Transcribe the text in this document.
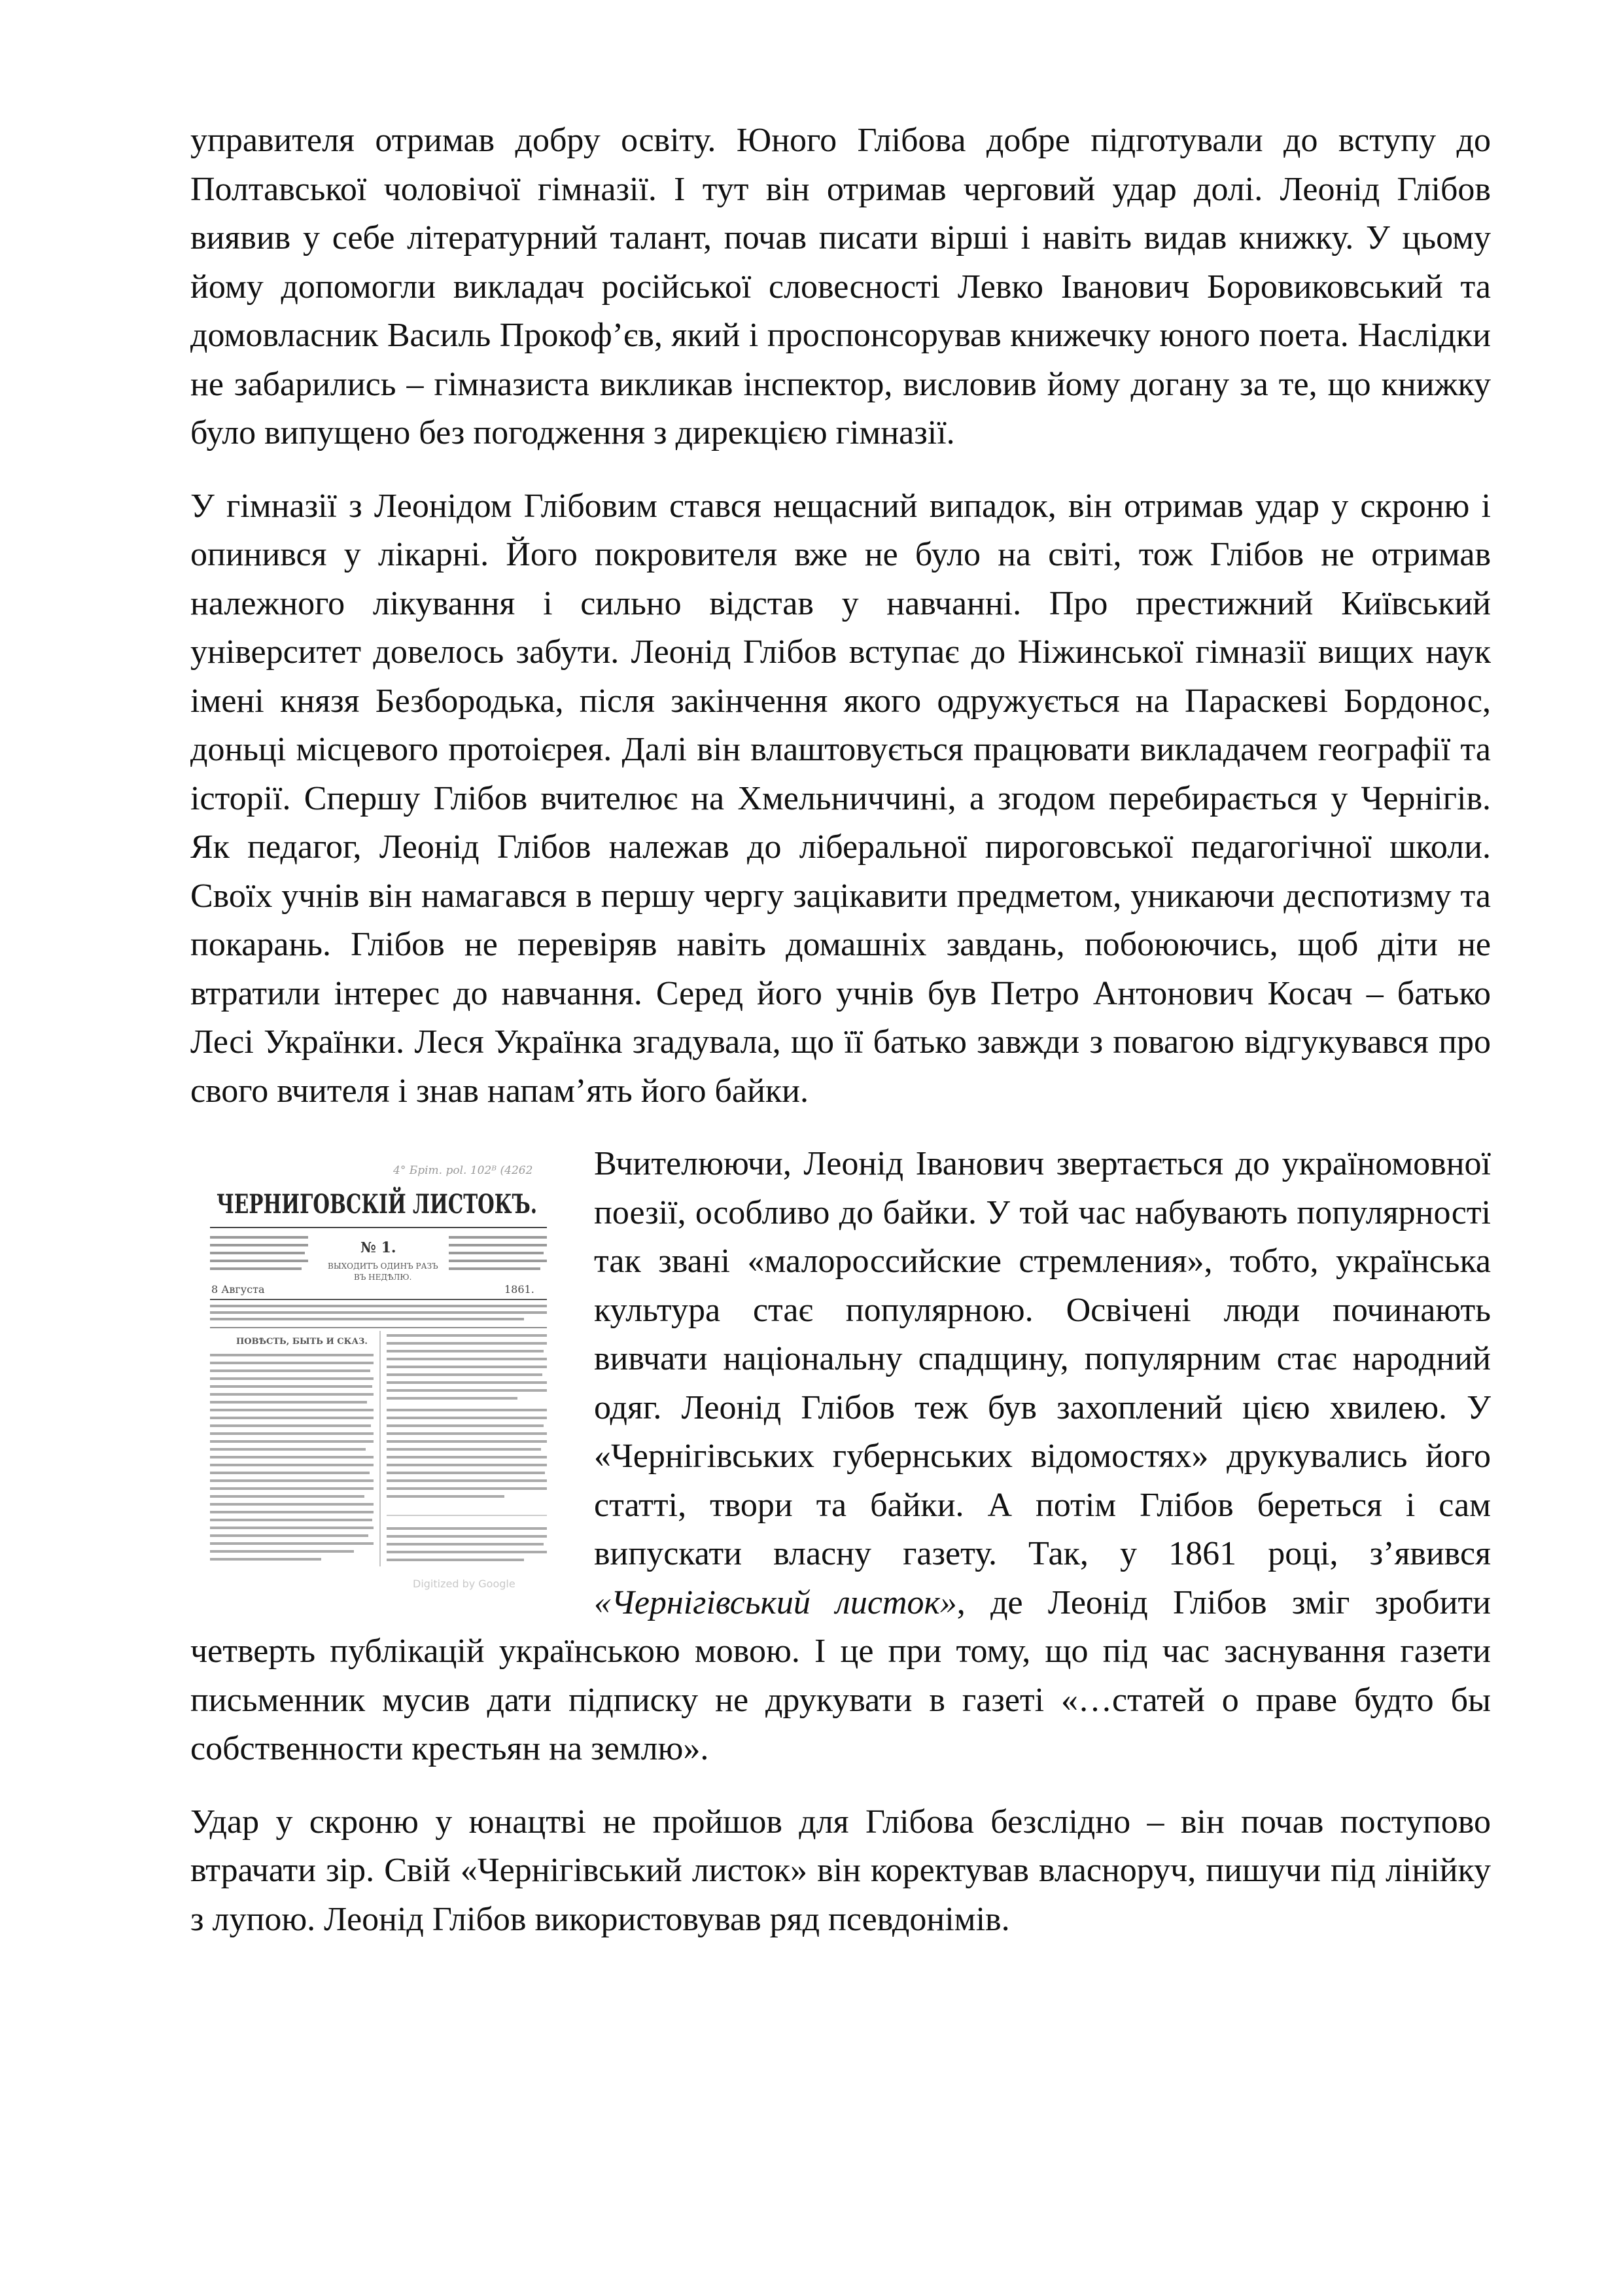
управителя отримав добру освіту. Юного Глібова добре підготували до вступу до Полтавської чоловічої гімназії. І тут він отримав черговий удар долі. Леонід Глібов виявив у себе літературний талант, почав писати вірші і навіть видав книжку. У цьому йому допомогли викладач російської словесності Левко Іванович Боровиковський та домовласник Василь Прокоф’єв, який і проспонсорував книжечку юного поета. Наслідки не забарились – гімназиста викликав інспектор, висловив йому догану за те, що книжку було випущено без погодження з дирекцією гімназії.

У гімназії з Леонідом Глібовим стався нещасний випадок, він отримав удар у скроню і опинився у лікарні. Його покровителя вже не було на світі, тож Глібов не отримав належного лікування і сильно відстав у навчанні. Про престижний Київський університет довелось забути. Леонід Глібов вступає до Ніжинської гімназії вищих наук імені князя Безбородька, після закінчення якого одружується на Параскеві Бордонос, доньці місцевого протоієрея. Далі він влаштовується працювати викладачем географії та історії. Спершу Глібов вчителює на Хмельниччині, а згодом перебирається у Чернігів. Як педагог, Леонід Глібов належав до ліберальної пироговської педагогічної школи. Своїх учнів він намагався в першу чергу зацікавити предметом, уникаючи деспотизму та покарань. Глібов не перевіряв навіть домашніх завдань, побоюючись, щоб діти не втратили інтерес до навчання. Серед його учнів був Петро Антонович Косач – батько Лесі Українки. Леся Українка згадувала, що її батько завжди з повагою відгукувався про свого вчителя і знав напам’ять його байки.

4° Бріт. pol. 102ᴮ (4262
ЧЕРНИГОВСКІЙ ЛИСТОКЪ.
№ 1.
ВЫХОДИТЪ ОДИНЪ РАЗЪ
ВЪ НЕДѢЛЮ.
8 Августа	1861.
ПОВѢСТЬ, БЫТЬ И СКАЗ.
Digitized by Google

Вчителюючи, Леонід Іванович звертається до україномовної поезії, особливо до байки. У той час набувають популярності так звані «малороссийские стремления», тобто, українська культура стає популярною. Освічені люди починають вивчати національну спадщину, популярним стає народний одяг. Леонід Глібов теж був захоплений цією хвилею. У «Чернігівських губернських відомостях» друкувались його статті, твори та байки. А потім Глібов береться і сам випускати власну газету. Так, у 1861 році, з’явився «Чернігівський листок», де Леонід Глібов зміг зробити четверть публікацій українською мовою. І це при тому, що під час заснування газети письменник мусив дати підписку не друкувати в газеті «…статей о праве будто бы собственности крестьян на землю».

Удар у скроню у юнацтві не пройшов для Глібова безслідно – він почав поступово втрачати зір. Свій «Чернігівський листок» він коректував власноруч, пишучи під лінійку з лупою. Леонід Глібов використовував ряд псевдонімів.
